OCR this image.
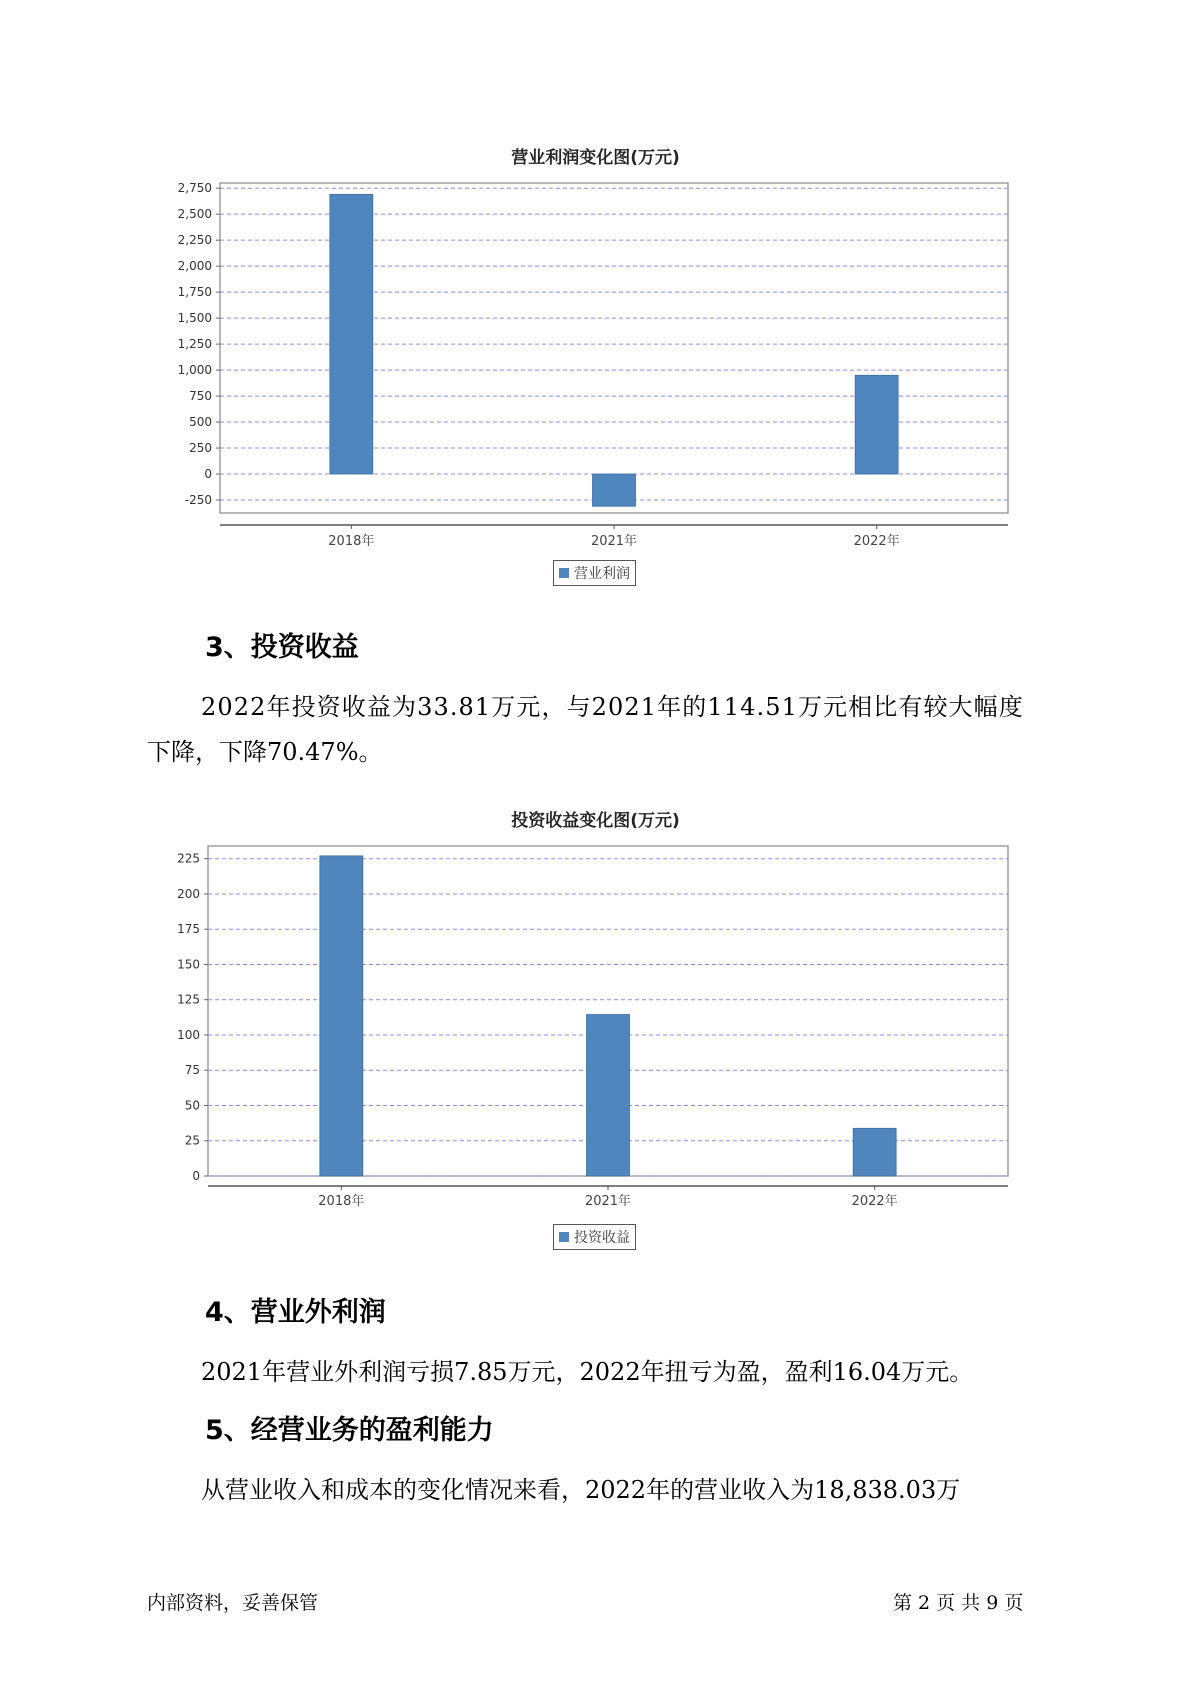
营业利润变化图(万元)
-250
0
250
500
750
1,000
1,250
1,500
1,750
2,000
2,250
2,500
2,750
2018年	2021年	2022年
营业利润
3、投资收益
2022年投资收益为33.81万元，与2021年的114.51万元相比有较大幅度
下降，下降70.47%。
投资收益变化图(万元)
0
25
50
75
100
125
150
175
200
225
2018年	2021年	2022年
投资收益
4、营业外利润
2021年营业外利润亏损7.85万元，2022年扭亏为盈，盈利16.04万元。
5、经营业务的盈利能力
从营业收入和成本的变化情况来看，2022年的营业收入为18,838.03万
内部资料，妥善保管	第 2 页 共 9 页
